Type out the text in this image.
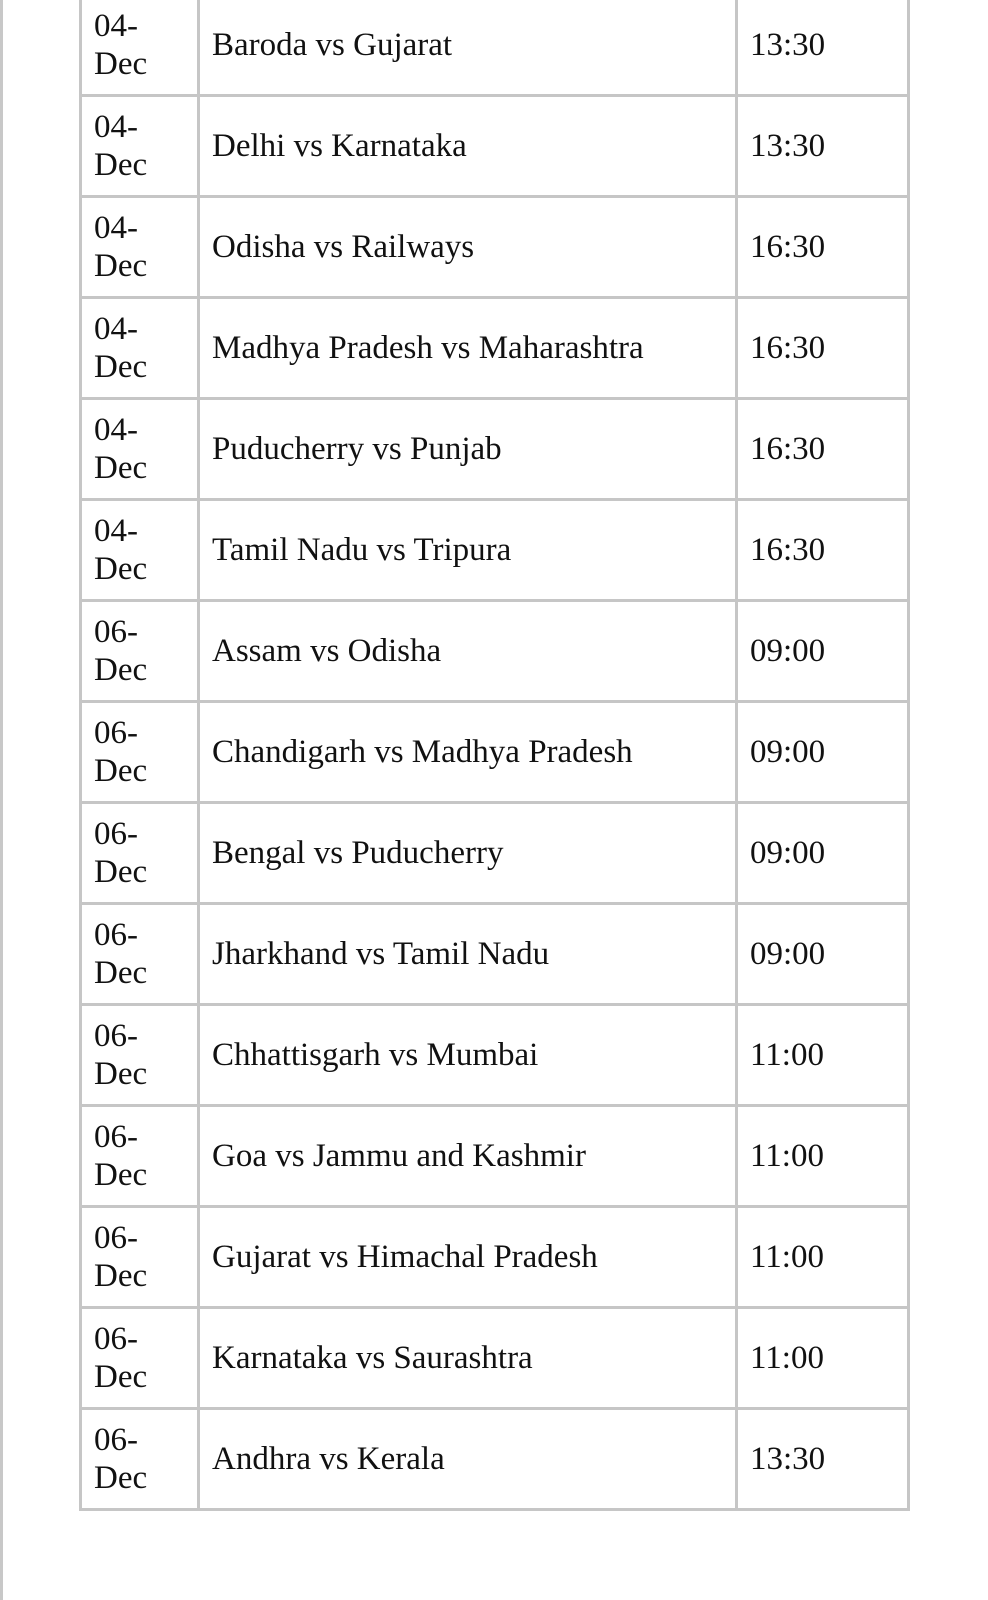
04-
Dec	Baroda vs Gujarat	13:30
04-
Dec	Delhi vs Karnataka	13:30
04-
Dec	Odisha vs Railways	16:30
04-
Dec	Madhya Pradesh vs Maharashtra	16:30
04-
Dec	Puducherry vs Punjab	16:30
04-
Dec	Tamil Nadu vs Tripura	16:30
06-
Dec	Assam vs Odisha	09:00
06-
Dec	Chandigarh vs Madhya Pradesh	09:00
06-
Dec	Bengal vs Puducherry	09:00
06-
Dec	Jharkhand vs Tamil Nadu	09:00
06-
Dec	Chhattisgarh vs Mumbai	11:00
06-
Dec	Goa vs Jammu and Kashmir	11:00
06-
Dec	Gujarat vs Himachal Pradesh	11:00
06-
Dec	Karnataka vs Saurashtra	11:00
06-
Dec	Andhra vs Kerala	13:30
